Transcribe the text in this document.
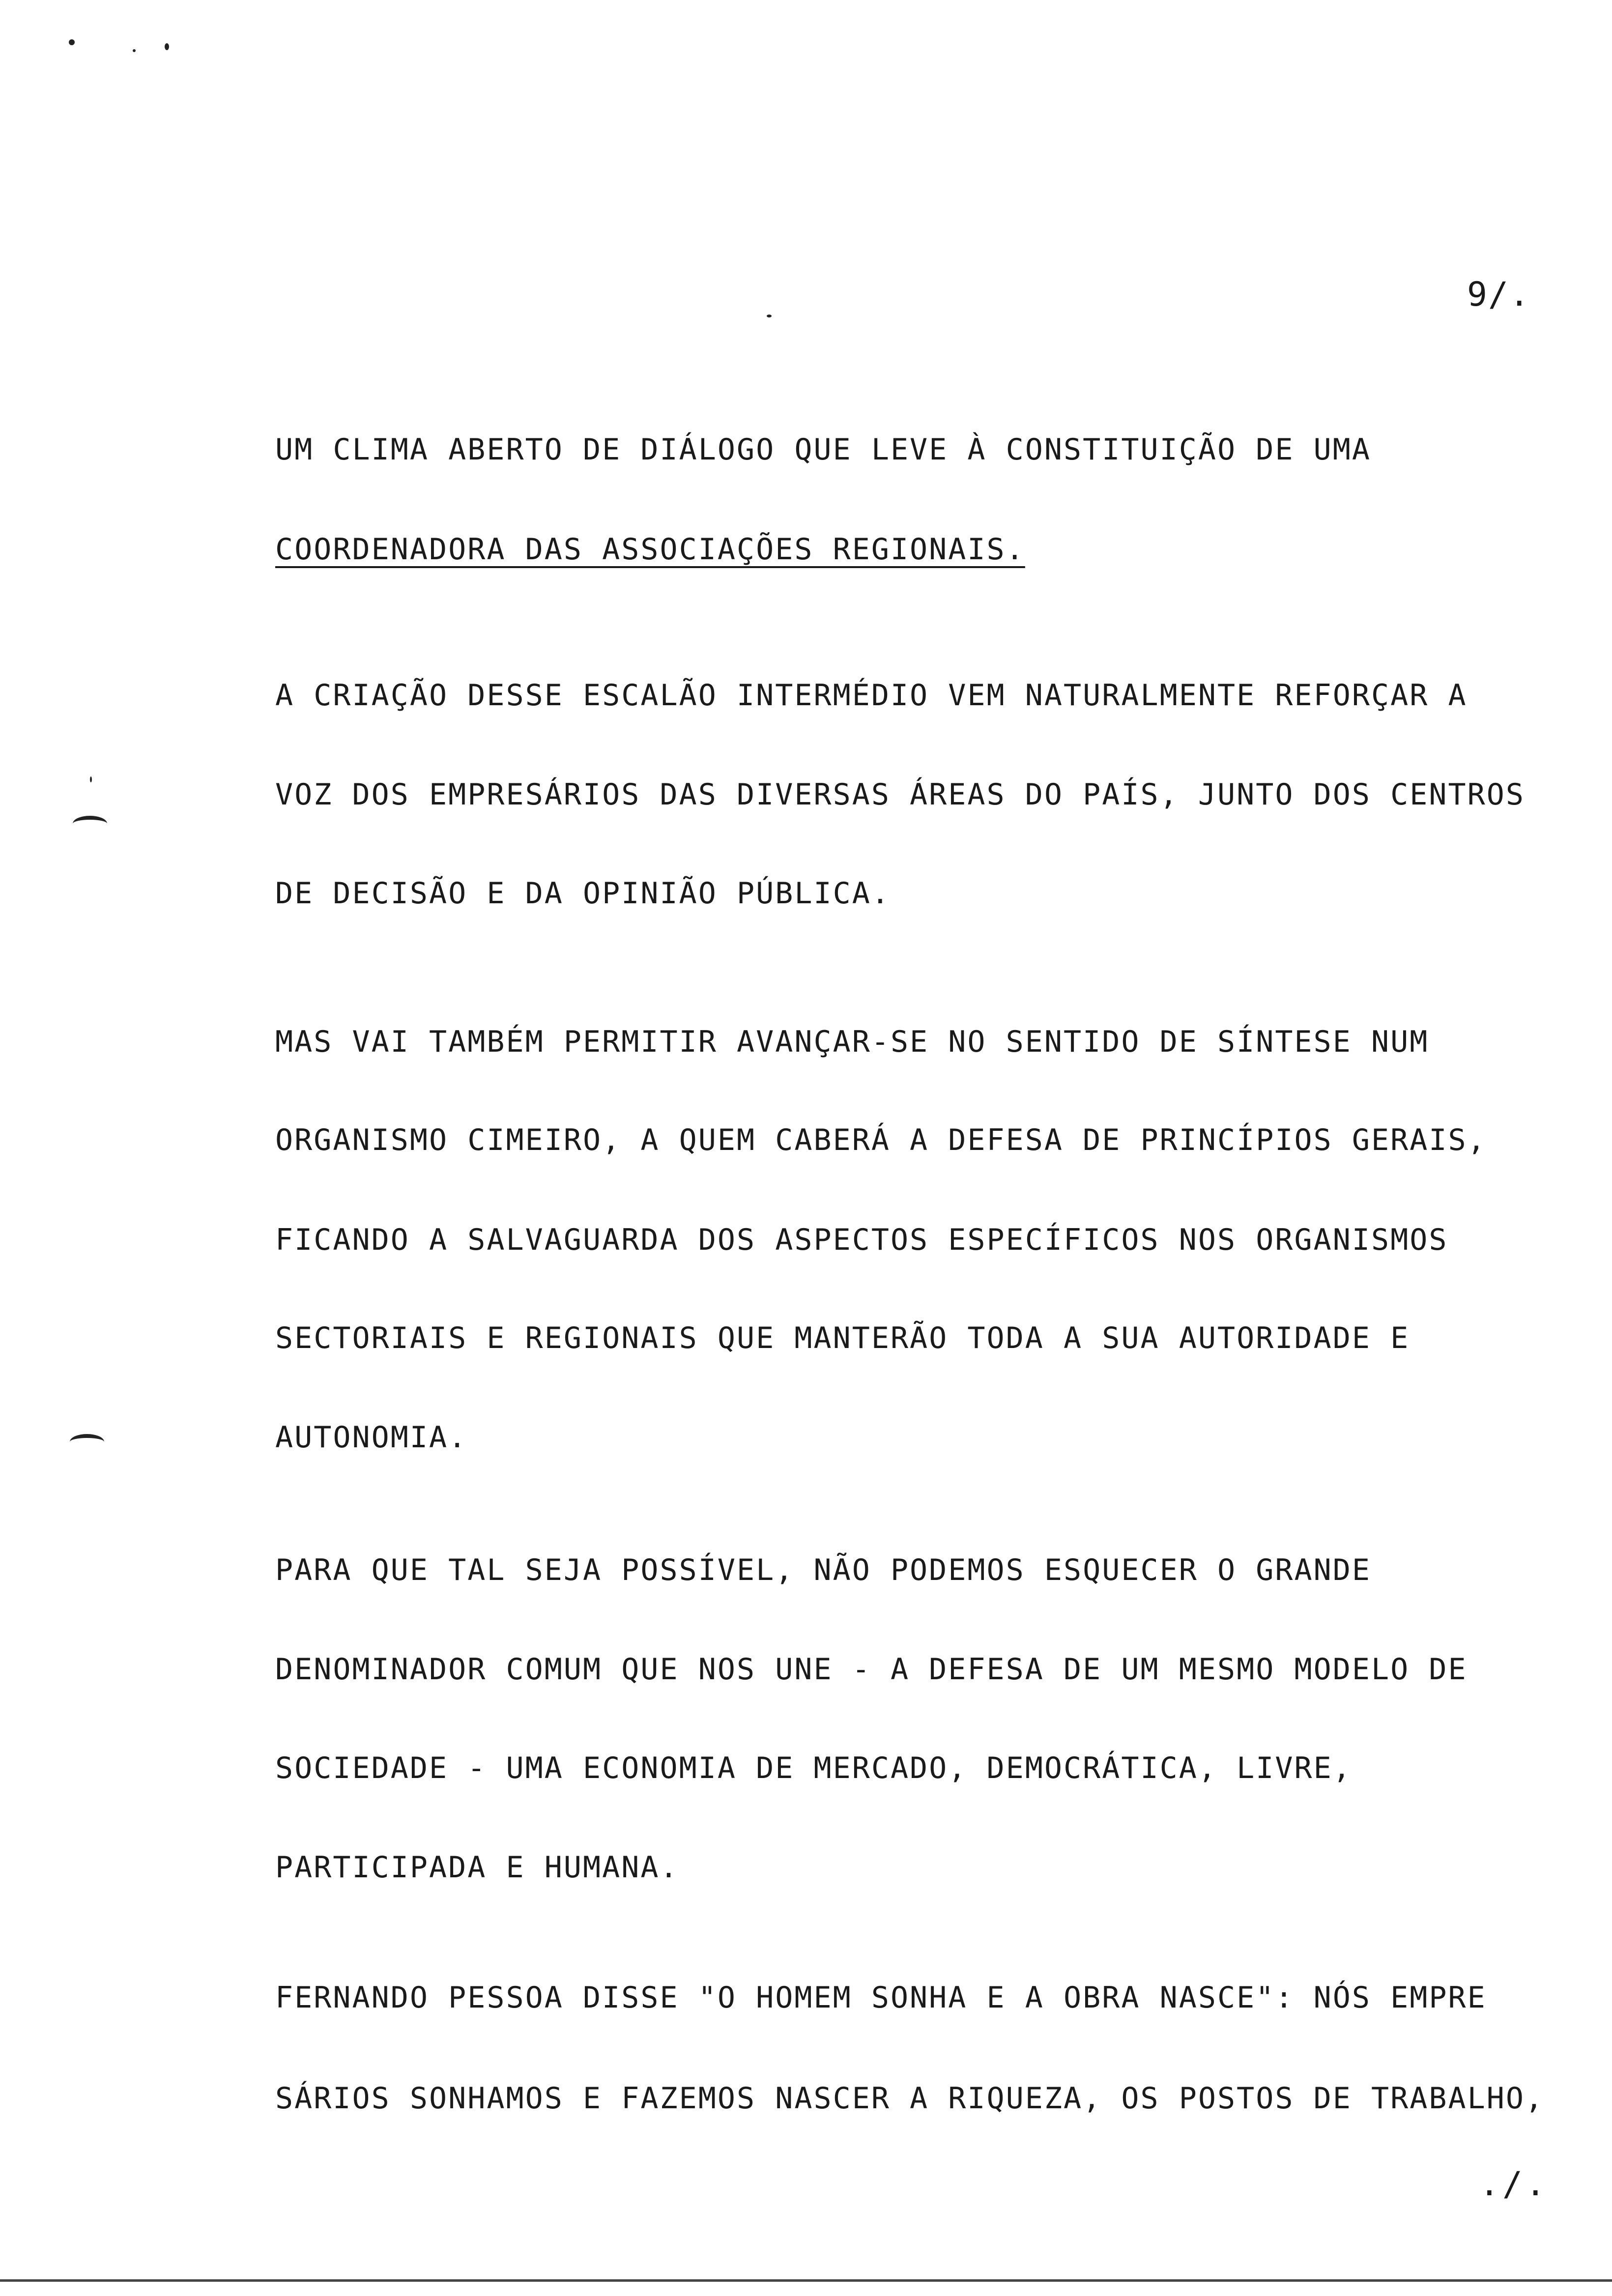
9/.
UM CLIMA ABERTO DE DIÁLOGO QUE LEVE À CONSTITUIÇÃO DE UMA
COORDENADORA DAS ASSOCIAÇÕES REGIONAIS.
A CRIAÇÃO DESSE ESCALÃO INTERMÉDIO VEM NATURALMENTE REFORÇAR A
VOZ DOS EMPRESÁRIOS DAS DIVERSAS ÁREAS DO PAÍS, JUNTO DOS CENTROS
DE DECISÃO E DA OPINIÃO PÚBLICA.
MAS VAI TAMBÉM PERMITIR AVANÇAR-SE NO SENTIDO DE SÍNTESE NUM
ORGANISMO CIMEIRO, A QUEM CABERÁ A DEFESA DE PRINCÍPIOS GERAIS,
FICANDO A SALVAGUARDA DOS ASPECTOS ESPECÍFICOS NOS ORGANISMOS
SECTORIAIS E REGIONAIS QUE MANTERÃO TODA A SUA AUTORIDADE E
AUTONOMIA.
PARA QUE TAL SEJA POSSÍVEL, NÃO PODEMOS ESQUECER O GRANDE
DENOMINADOR COMUM QUE NOS UNE - A DEFESA DE UM MESMO MODELO DE
SOCIEDADE - UMA ECONOMIA DE MERCADO, DEMOCRÁTICA, LIVRE,
PARTICIPADA E HUMANA.
FERNANDO PESSOA DISSE "O HOMEM SONHA E A OBRA NASCE": NÓS EMPRE
SÁRIOS SONHAMOS E FAZEMOS NASCER A RIQUEZA, OS POSTOS DE TRABALHO,
./.
